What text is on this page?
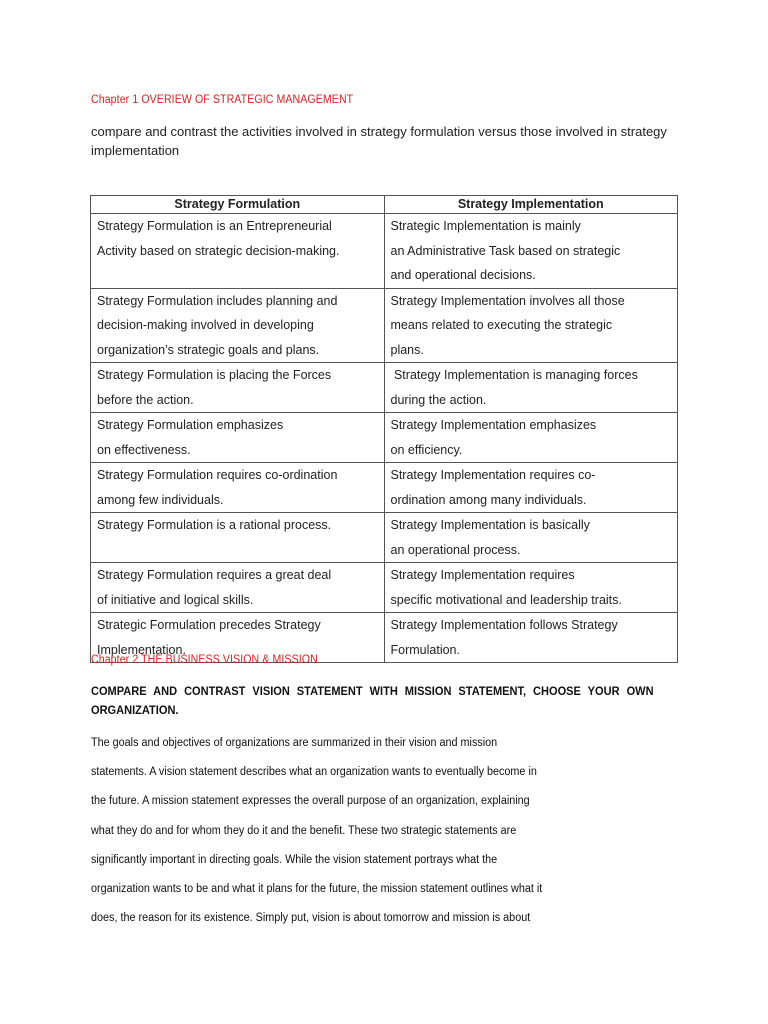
Chapter 1 OVERIEW OF STRATEGIC MANAGEMENT
compare and contrast the activities involved in strategy formulation versus those involved in strategy implementation
Strategy Formulation	Strategy Implementation

Strategy Formulation is an Entrepreneurial
Activity based on strategic decision-making.	Strategic Implementation is mainly
an Administrative Task based on strategic
and operational decisions.

Strategy Formulation includes planning and
decision-making involved in developing
organization’s strategic goals and plans.	Strategy Implementation involves all those
means related to executing the strategic
plans.

Strategy Formulation is placing the Forces
before the action.	Strategy Implementation is managing forces
during the action.

Strategy Formulation emphasizes
on effectiveness.	Strategy Implementation emphasizes
on efficiency.

Strategy Formulation requires co-ordination
among few individuals.	Strategy Implementation requires co-
ordination among many individuals.

Strategy Formulation is a rational process.	Strategy Implementation is basically
an operational process.

Strategy Formulation requires a great deal
of initiative and logical skills.	Strategy Implementation requires
specific motivational and leadership traits.

Strategic Formulation precedes Strategy
Implementation.	Strategy Implementation follows Strategy
Formulation.
Chapter 2 THE BUSINESS VISION & MISSION
COMPARE AND CONTRAST VISION STATEMENT WITH MISSION STATEMENT, CHOOSE YOUR OWN ORGANIZATION.
The goals and objectives of organizations are summarized in their vision and mission
statements. A vision statement describes what an organization wants to eventually become in
the future. A mission statement expresses the overall purpose of an organization, explaining
what they do and for whom they do it and the benefit. These two strategic statements are
significantly important in directing goals. While the vision statement portrays what the
organization wants to be and what it plans for the future, the mission statement outlines what it
does, the reason for its existence. Simply put, vision is about tomorrow and mission is about
